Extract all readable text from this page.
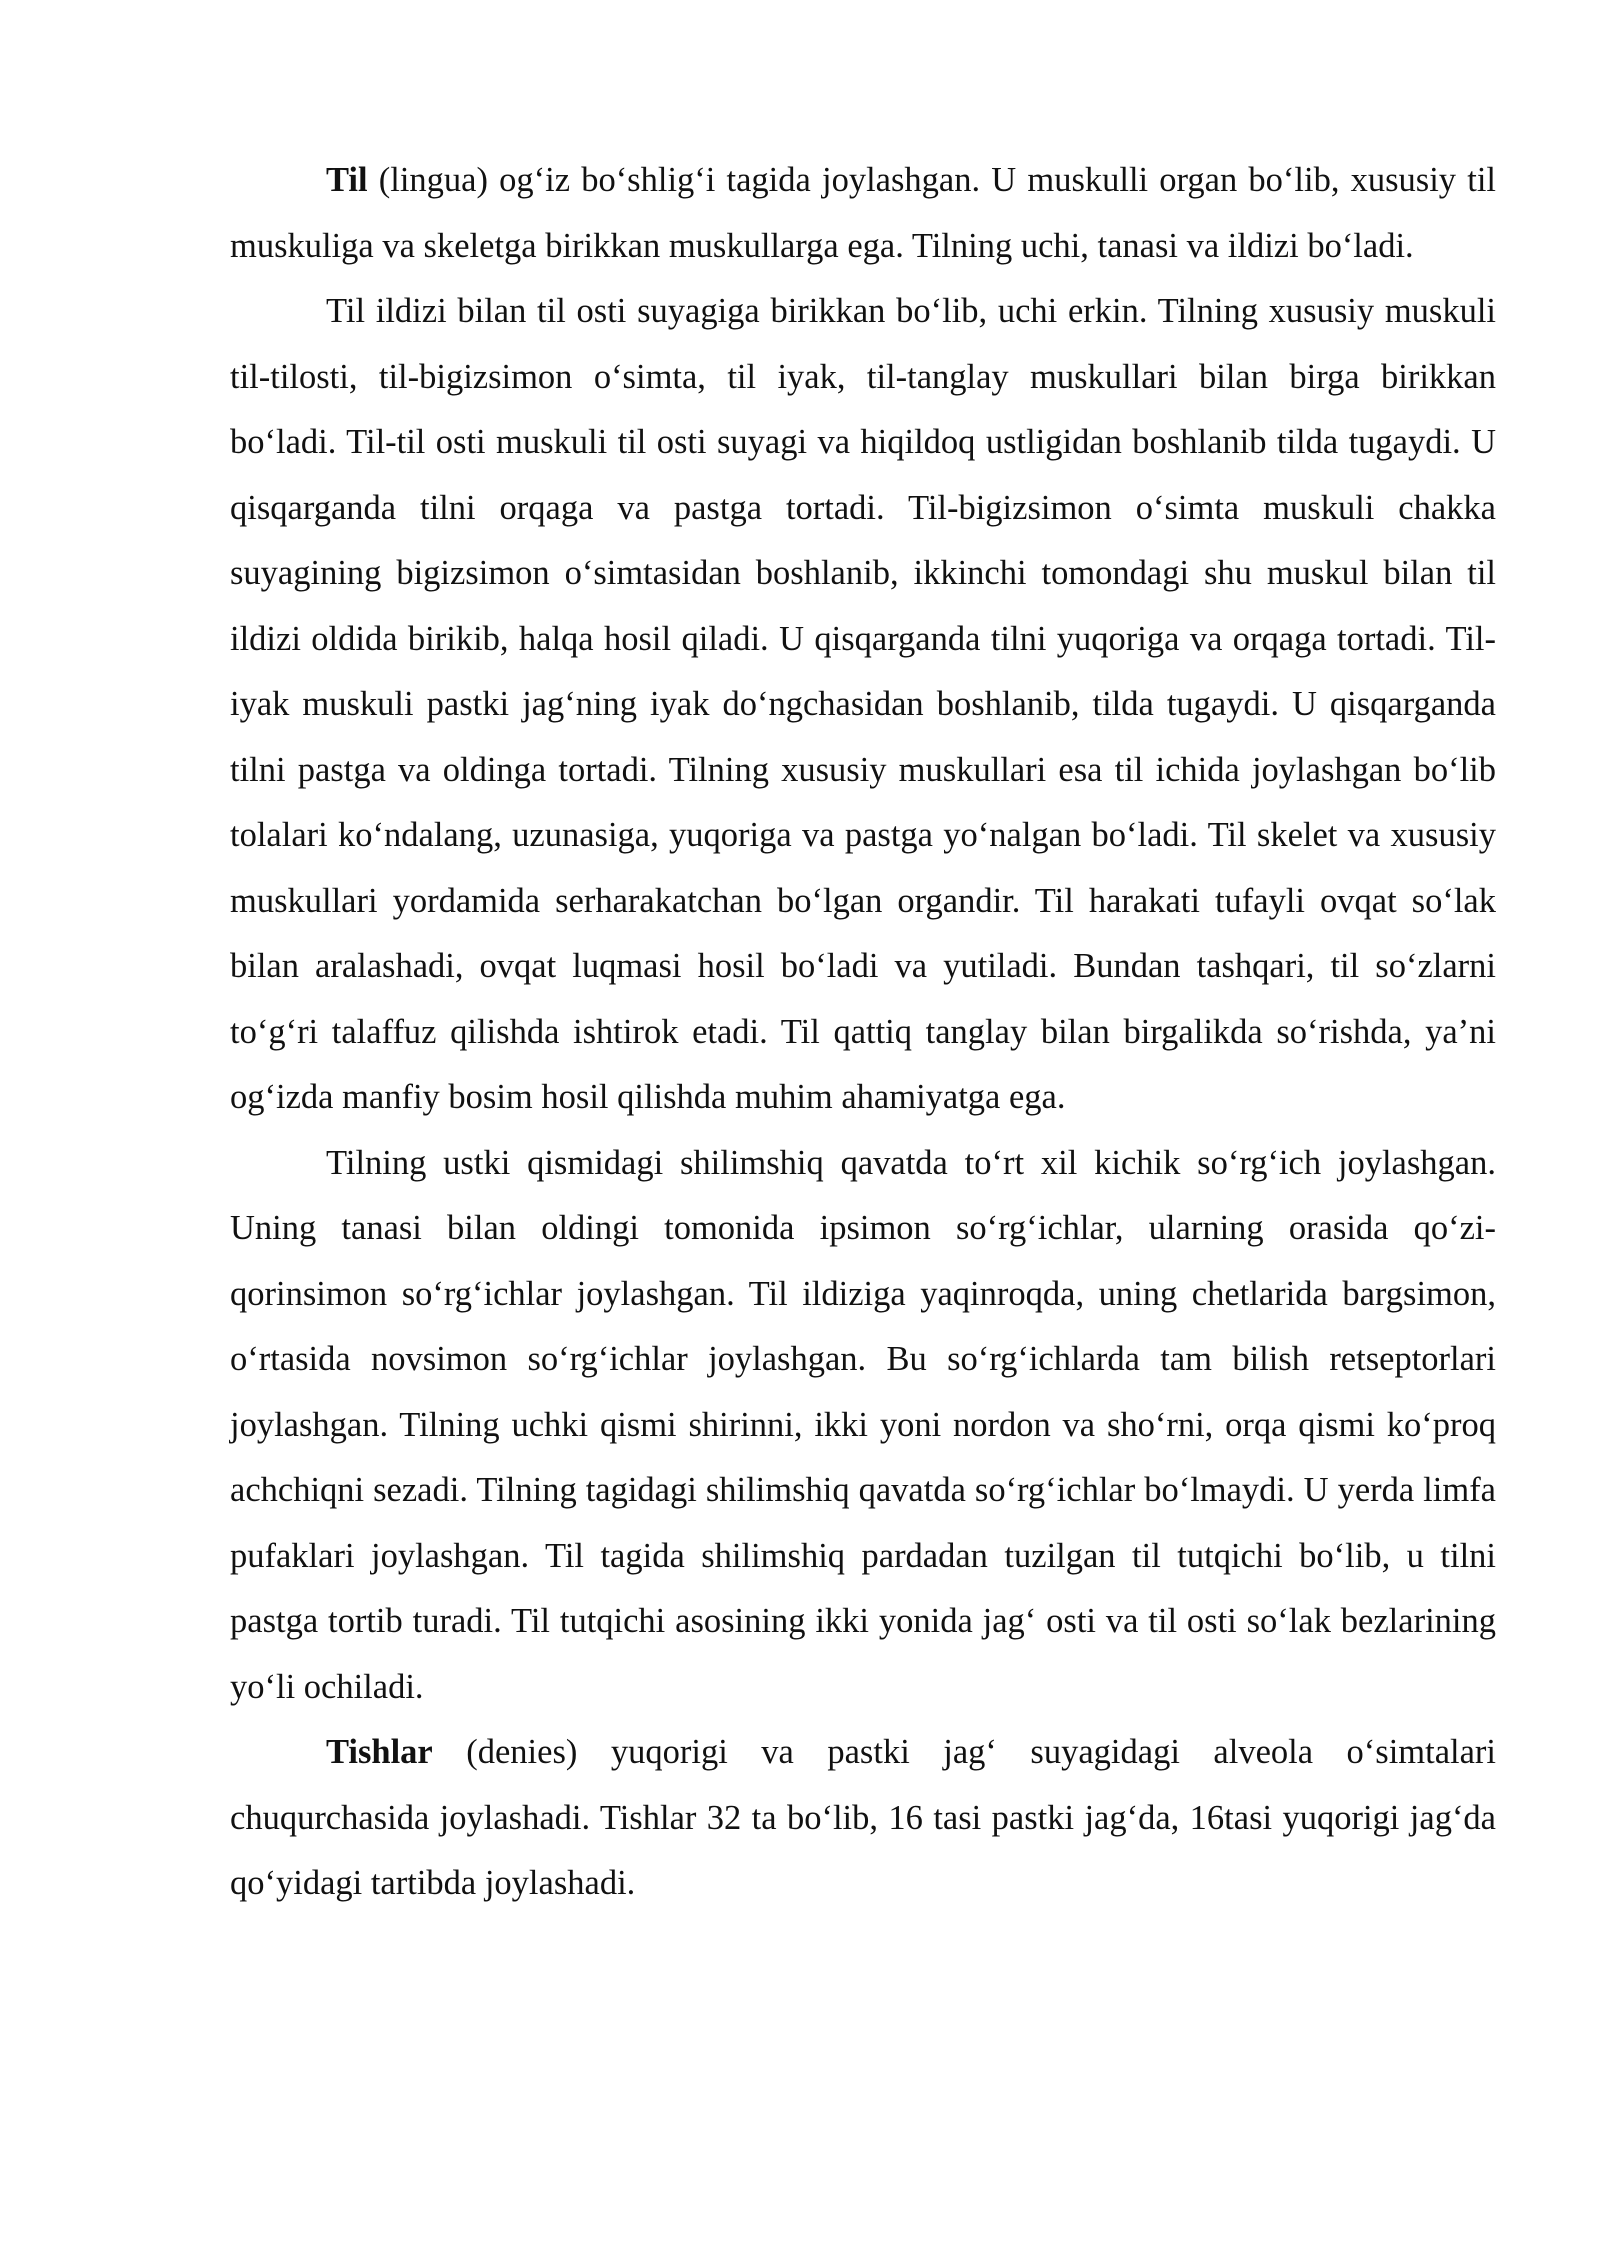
Til (lingua) og‘iz bo‘shlig‘i tagida joylashgan. U muskulli organ bo‘lib, xususiy til muskuliga va skeletga birikkan muskullarga ega. Tilning uchi, tanasi va ildizi bo‘ladi.

Til ildizi bilan til osti suyagiga birikkan bo‘lib, uchi erkin. Tilning xususiy muskuli til-tilosti, til-bigizsimon o‘simta, til iyak, til-tanglay muskullari bilan birga birikkan bo‘ladi. Til-til osti muskuli til osti suyagi va hiqildoq ustligidan boshlanib tilda tugaydi. U qisqarganda tilni orqaga va pastga tortadi. Til-bigizsimon o‘simta muskuli chakka suyagining bigizsimon o‘simtasidan boshlanib, ikkinchi tomondagi shu muskul bilan til ildizi oldida birikib, halqa hosil qiladi. U qisqarganda tilni yuqoriga va orqaga tortadi. Til-iyak muskuli pastki jag‘ning iyak do‘ngchasidan boshlanib, tilda tugaydi. U qisqarganda tilni pastga va oldinga tortadi. Tilning xususiy muskullari esa til ichida joylashgan bo‘lib tolalari ko‘ndalang, uzunasiga, yuqoriga va pastga yo‘nalgan bo‘ladi. Til skelet va xususiy muskullari yordamida serharakatchan bo‘lgan organdir. Til harakati tufayli ovqat so‘lak bilan aralashadi, ovqat luqmasi hosil bo‘ladi va yutiladi. Bundan tashqari, til so‘zlarni to‘g‘ri talaffuz qilishda ishtirok etadi. Til qattiq tanglay bilan birgalikda so‘rishda, ya’ni og‘izda manfiy bosim hosil qilishda muhim ahamiyatga ega.

Tilning ustki qismidagi shilimshiq qavatda to‘rt xil kichik so‘rg‘ich joylashgan. Uning tanasi bilan oldingi tomonida ipsimon so‘rg‘ichlar, ularning orasida qo‘zi-qorinsimon so‘rg‘ichlar joylashgan. Til ildiziga yaqinroqda, uning chetlarida bargsimon, o‘rtasida novsimon so‘rg‘ichlar joylashgan. Bu so‘rg‘ichlarda tam bilish retseptorlari joylashgan. Tilning uchki qismi shirinni, ikki yoni nordon va sho‘rni, orqa qismi ko‘proq achchiqni sezadi. Tilning tagidagi shilimshiq qavatda so‘rg‘ichlar bo‘lmaydi. U yerda limfa pufaklari joylashgan. Til tagida shilimshiq pardadan tuzilgan til tutqichi bo‘lib, u tilni pastga tortib turadi. Til tutqichi asosining ikki yonida jag‘ osti va til osti so‘lak bezlarining yo‘li ochiladi.

Tishlar (denies) yuqorigi va pastki jag‘ suyagidagi alveola o‘simtalari chuqurchasida joylashadi. Tishlar 32 ta bo‘lib, 16 tasi pastki jag‘da, 16tasi yuqorigi jag‘da qo‘yidagi tartibda joylashadi.
